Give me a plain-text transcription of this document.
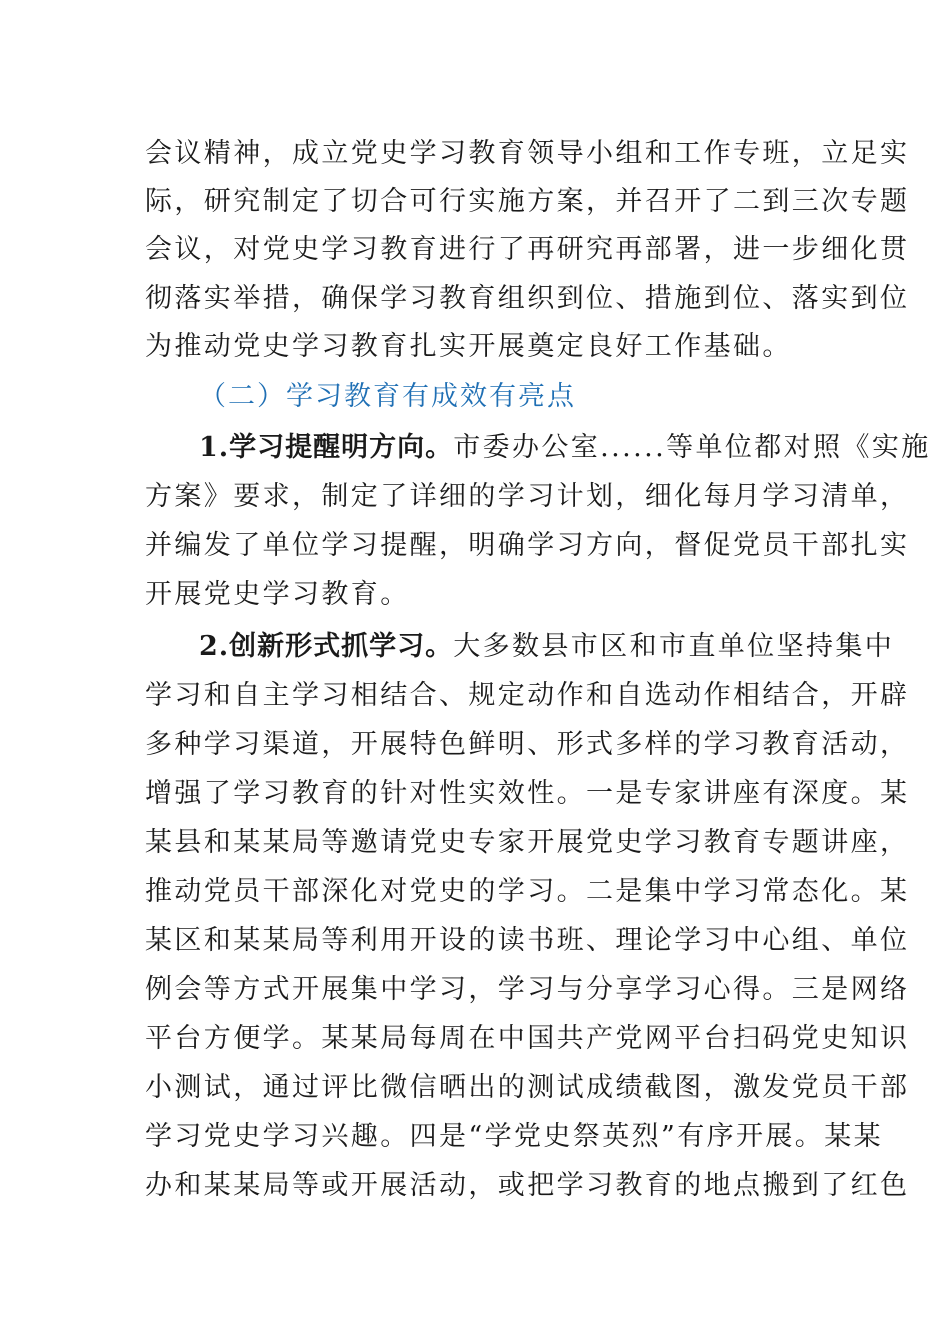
会议精神，成立党史学习教育领导小组和工作专班，立足实
际，研究制定了切合可行实施方案，并召开了二到三次专题
会议，对党史学习教育进行了再研究再部署，进一步细化贯
彻落实举措，确保学习教育组织到位、措施到位、落实到位
为推动党史学习教育扎实开展奠定良好工作基础。
（二）学习教育有成效有亮点
1.学习提醒明方向。市委办公室......等单位都对照《实施
方案》要求，制定了详细的学习计划，细化每月学习清单，
并编发了单位学习提醒，明确学习方向，督促党员干部扎实
开展党史学习教育。
2.创新形式抓学习。大多数县市区和市直单位坚持集中
学习和自主学习相结合、规定动作和自选动作相结合，开辟
多种学习渠道，开展特色鲜明、形式多样的学习教育活动，
增强了学习教育的针对性实效性。一是专家讲座有深度。某
某县和某某局等邀请党史专家开展党史学习教育专题讲座，
推动党员干部深化对党史的学习。二是集中学习常态化。某
某区和某某局等利用开设的读书班、理论学习中心组、单位
例会等方式开展集中学习，学习与分享学习心得。三是网络
平台方便学。某某局每周在中国共产党网平台扫码党史知识
小测试，通过评比微信晒出的测试成绩截图，激发党员干部
学习党史学习兴趣。四是“学党史祭英烈”有序开展。某某
办和某某局等或开展活动，或把学习教育的地点搬到了红色
